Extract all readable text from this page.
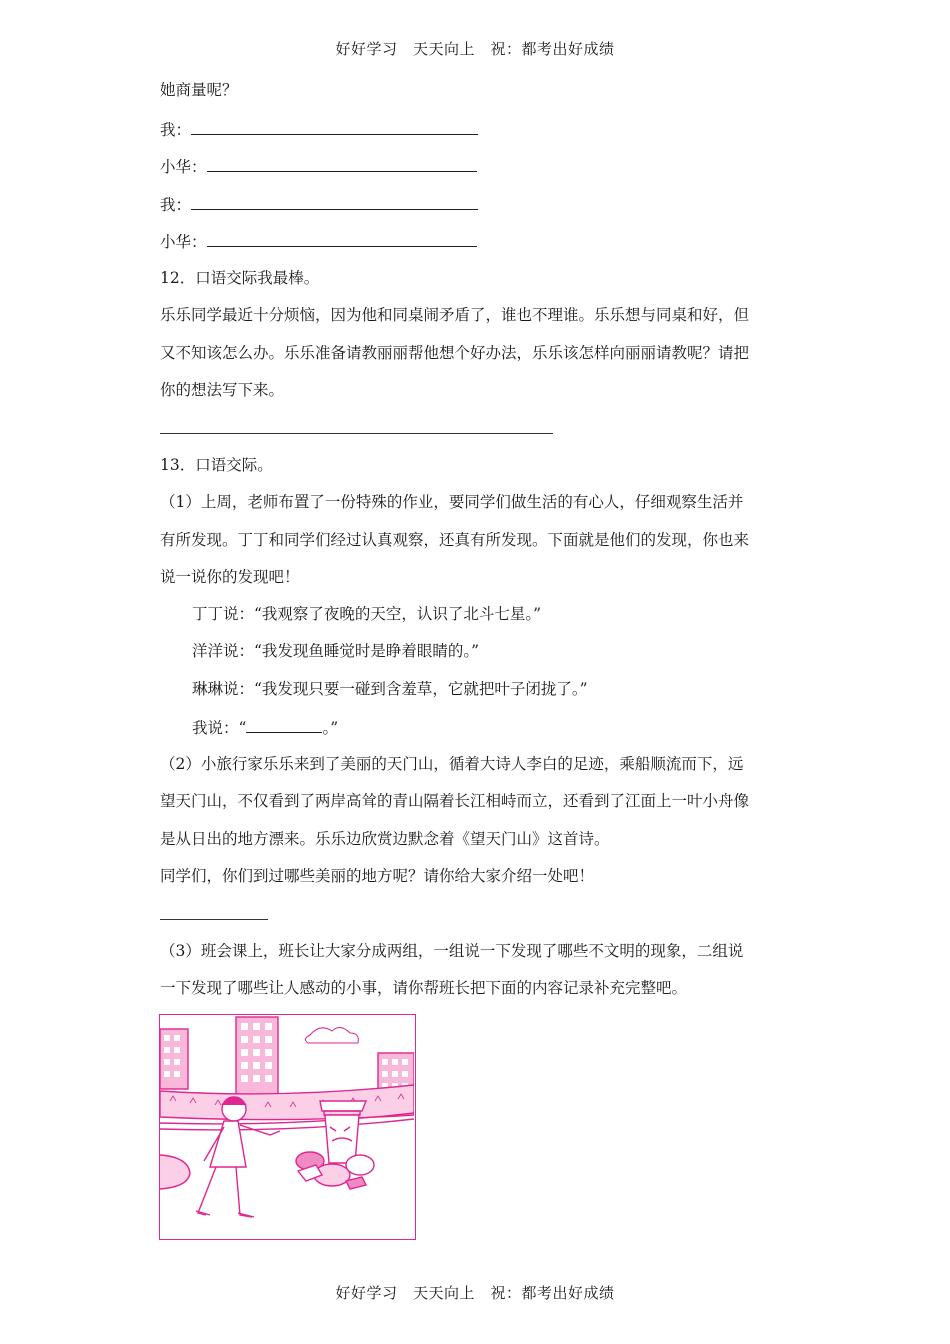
好好学习　天天向上　祝：都考出好成绩
她商量呢？
我：
小华：
我：
小华：
12．口语交际我最棒。
乐乐同学最近十分烦恼，因为他和同桌闹矛盾了，谁也不理谁。乐乐想与同桌和好，但
又不知该怎么办。乐乐准备请教丽丽帮他想个好办法，乐乐该怎样向丽丽请教呢？请把
你的想法写下来。
13．口语交际。
（1）上周，老师布置了一份特殊的作业，要同学们做生活的有心人，仔细观察生活并
有所发现。丁丁和同学们经过认真观察，还真有所发现。下面就是他们的发现，你也来
说一说你的发现吧！
丁丁说：“我观察了夜晚的天空，认识了北斗七星。”
洋洋说：“我发现鱼睡觉时是睁着眼睛的。”
琳琳说：“我发现只要一碰到含羞草，它就把叶子闭拢了。”
我说：“	。”
（2）小旅行家乐乐来到了美丽的天门山，循着大诗人李白的足迹，乘船顺流而下，远
望天门山，不仅看到了两岸高耸的青山隔着长江相峙而立，还看到了江面上一叶小舟像
是从日出的地方漂来。乐乐边欣赏边默念着《望天门山》这首诗。
同学们，你们到过哪些美丽的地方呢？请你给大家介绍一处吧！
（3）班会课上，班长让大家分成两组，一组说一下发现了哪些不文明的现象，二组说
一下发现了哪些让人感动的小事，请你帮班长把下面的内容记录补充完整吧。
好好学习　天天向上　祝：都考出好成绩
